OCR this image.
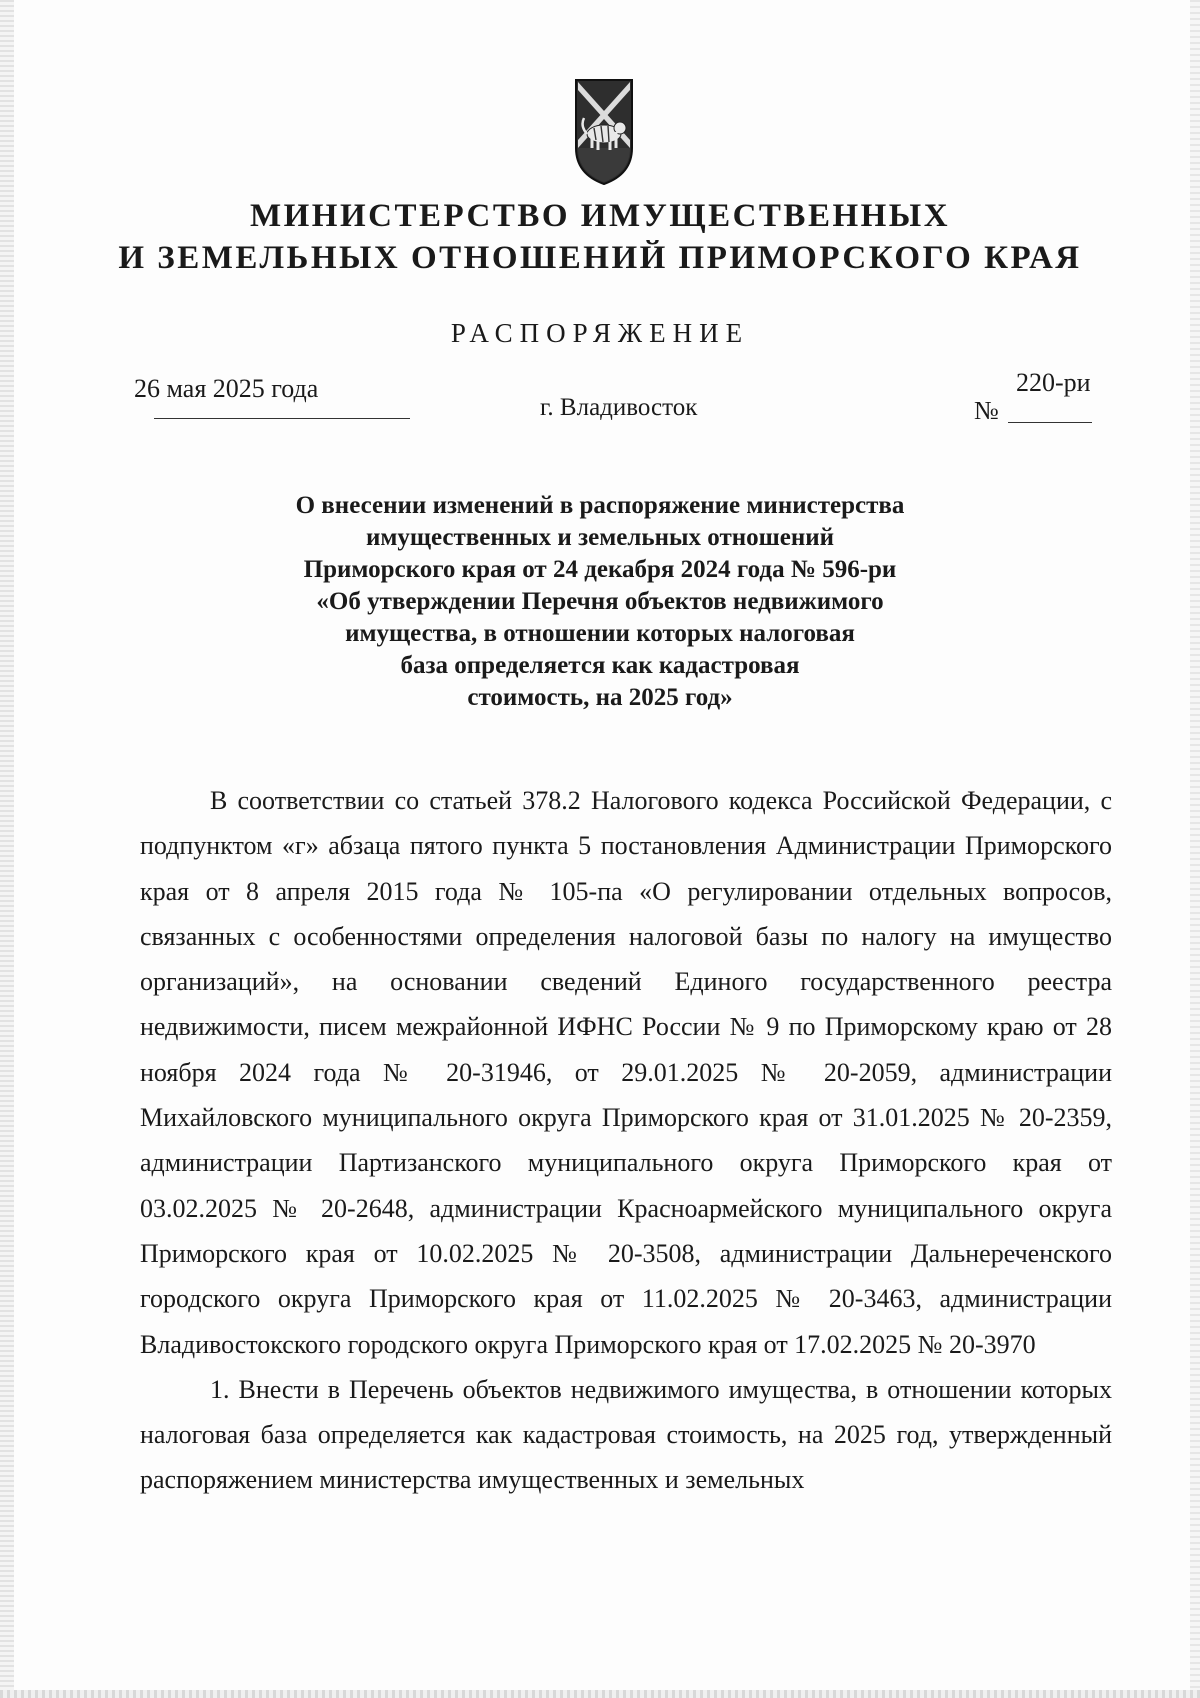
МИНИСТЕРСТВО ИМУЩЕСТВЕННЫХ
И ЗЕМЕЛЬНЫХ ОТНОШЕНИЙ ПРИМОРСКОГО КРАЯ
РАСПОРЯЖЕНИЕ
26 мая 2025 года
г. Владивосток	№
220-ри
О внесении изменений в распоряжение министерства
имущественных и земельных отношений
Приморского края от 24 декабря 2024 года № 596-ри
«Об утверждении Перечня объектов недвижимого
имущества, в отношении которых налоговая
база определяется как кадастровая
стоимость, на 2025 год»

В соответствии со статьей 378.2 Налогового кодекса Российской Федерации, с подпунктом «г» абзаца пятого пункта 5 постановления Администрации Приморского края от 8 апреля 2015 года № 105-па «О регулировании отдельных вопросов, связанных с особенностями определения налоговой базы по налогу на имущество организаций», на основании сведений Единого государственного реестра недвижимости, писем межрайонной ИФНС России № 9 по Приморскому краю от 28 ноября 2024 года № 20-31946, от 29.01.2025 № 20-2059, администрации Михайловского муниципального округа Приморского края от 31.01.2025 № 20-2359, администрации Партизанского муниципального округа Приморского края от 03.02.2025 № 20-2648, администрации Красноармейского муниципального округа Приморского края от 10.02.2025 № 20-3508, администрации Дальнереченского городского округа Приморского края от 11.02.2025 № 20-3463, администрации Владивостокского городского округа Приморского края от 17.02.2025 № 20-3970

1. Внести в Перечень объектов недвижимого имущества, в отношении которых налоговая база определяется как кадастровая стоимость, на 2025 год, утвержденный распоряжением министерства имущественных и земельных
